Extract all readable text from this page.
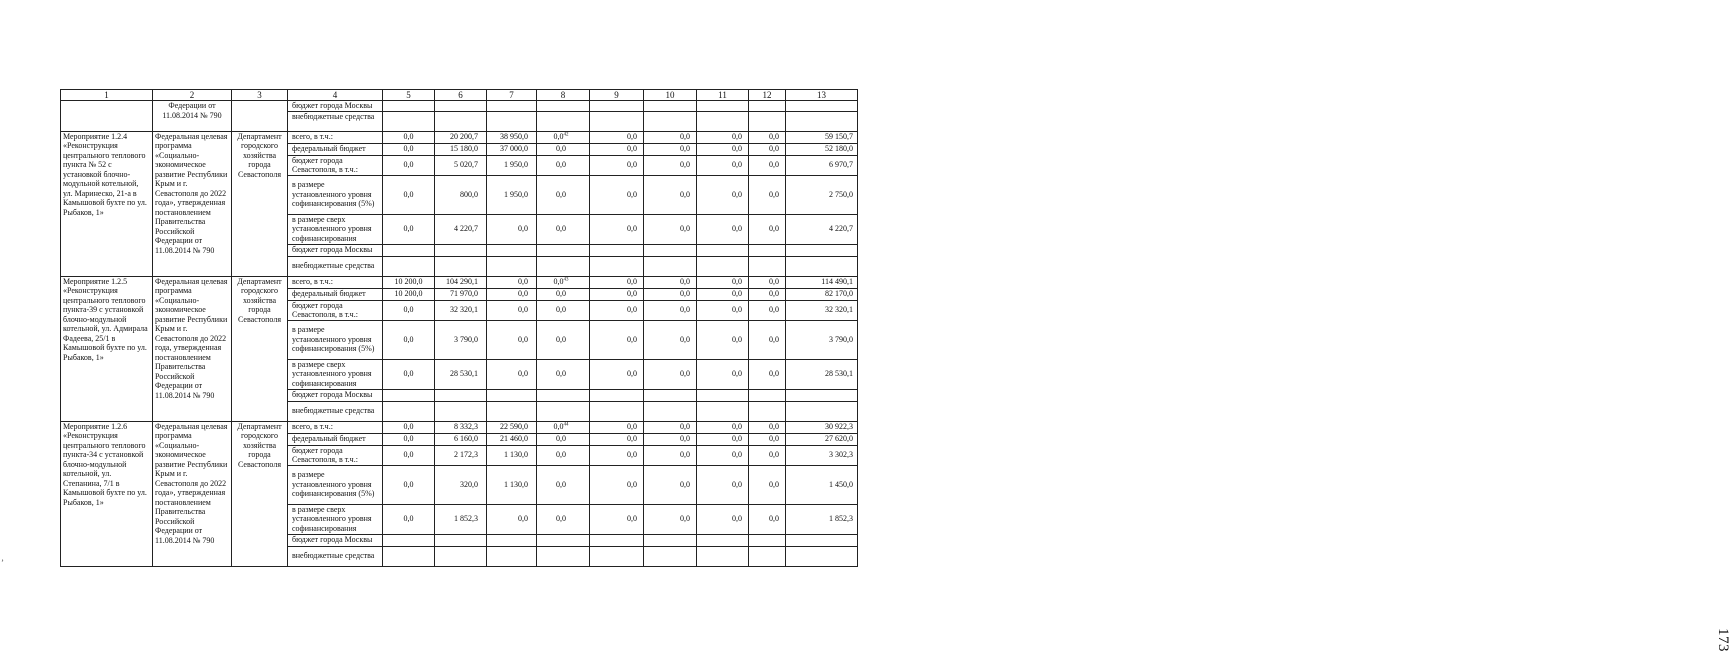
1	2	3	4	5	6	7	8	9	10	11	12	13
	Федерации от 11.08.2014 № 790		бюджет города Москвы									
			внебюджетные средства									
Мероприятие 1.2.4 «Реконструкция центрального теплового пункта № 52 с установкой блочно-модульной котельной, ул. Маринеско, 21-а в Камышовой бухте по ул. Рыбаков, 1»	Федеральная целевая программа «Социально-экономическое развитие Республики Крым и г. Севастополя до 2022 года», утвержденная постановлением Правительства Российской Федерации от 11.08.2014 № 790	Департамент городского хозяйства города Севастополя	всего, в т.ч.:	0,0	20 200,7	38 950,0	$0,0^{42}$	0,0	0,0	0,0	0,0	59 150,7
			федеральный бюджет	0,0	15 180,0	37 000,0	0,0	0,0	0,0	0,0	0,0	52 180,0
			бюджет города Севастополя, в т.ч.:	0,0	5 020,7	1 950,0	0,0	0,0	0,0	0,0	0,0	6 970,7
			в размере установленного уровня софинансирования (5%)	0,0	800,0	1 950,0	0,0	0,0	0,0	0,0	0,0	2 750,0
			в размере сверх установленного уровня софинансирования	0,0	4 220,7	0,0	0,0	0,0	0,0	0,0	0,0	4 220,7
			бюджет города Москвы									
			внебюджетные средства									
Мероприятие 1.2.5 «Реконструкция центрального теплового пункта-39 с установкой блочно-модульной котельной, ул. Адмирала Фадеева, 25/1 в Камышовой бухте по ул. Рыбаков, 1»	Федеральная целевая программа «Социально-экономическое развитие Республики Крым и г. Севастополя до 2022 года, утвержденная постановлением Правительства Российской Федерации от 11.08.2014 № 790	Департамент городского хозяйства города Севастополя	всего, в т.ч.:	10 200,0	104 290,1	0,0	$0,0^{43}$	0,0	0,0	0,0	0,0	114 490,1
			федеральный бюджет	10 200,0	71 970,0	0,0	0,0	0,0	0,0	0,0	0,0	82 170,0
			бюджет города Севастополя, в т.ч.:	0,0	32 320,1	0,0	0,0	0,0	0,0	0,0	0,0	32 320,1
			в размере установленного уровня софинансирования (5%)	0,0	3 790,0	0,0	0,0	0,0	0,0	0,0	0,0	3 790,0
			в размере сверх установленного уровня софинансирования	0,0	28 530,1	0,0	0,0	0,0	0,0	0,0	0,0	28 530,1
			бюджет города Москвы									
			внебюджетные средства									
Мероприятие 1.2.6 «Реконструкция центрального теплового пункта-34 с установкой блочно-модульной котельной, ул. Степанина, 7/1 в Камышовой бухте по ул. Рыбаков, 1»	Федеральная целевая программа «Социально-экономическое развитие Республики Крым и г. Севастополя до 2022 года», утвержденная постановлением Правительства Российской Федерации от 11.08.2014 № 790	Департамент городского хозяйства города Севастополя	всего, в т.ч.:	0,0	8 332,3	22 590,0	$0,0^{44}$	0,0	0,0	0,0	0,0	30 922,3
			федеральный бюджет	0,0	6 160,0	21 460,0	0,0	0,0	0,0	0,0	0,0	27 620,0
			бюджет города Севастополя, в т.ч.:	0,0	2 172,3	1 130,0	0,0	0,0	0,0	0,0	0,0	3 302,3
			в размере установленного уровня софинансирования (5%)	0,0	320,0	1 130,0	0,0	0,0	0,0	0,0	0,0	1 450,0
			в размере сверх установленного уровня софинансирования	0,0	1 852,3	0,0	0,0	0,0	0,0	0,0	0,0	1 852,3
			бюджет города Москвы									
			внебюджетные средства									
173
ʼ
